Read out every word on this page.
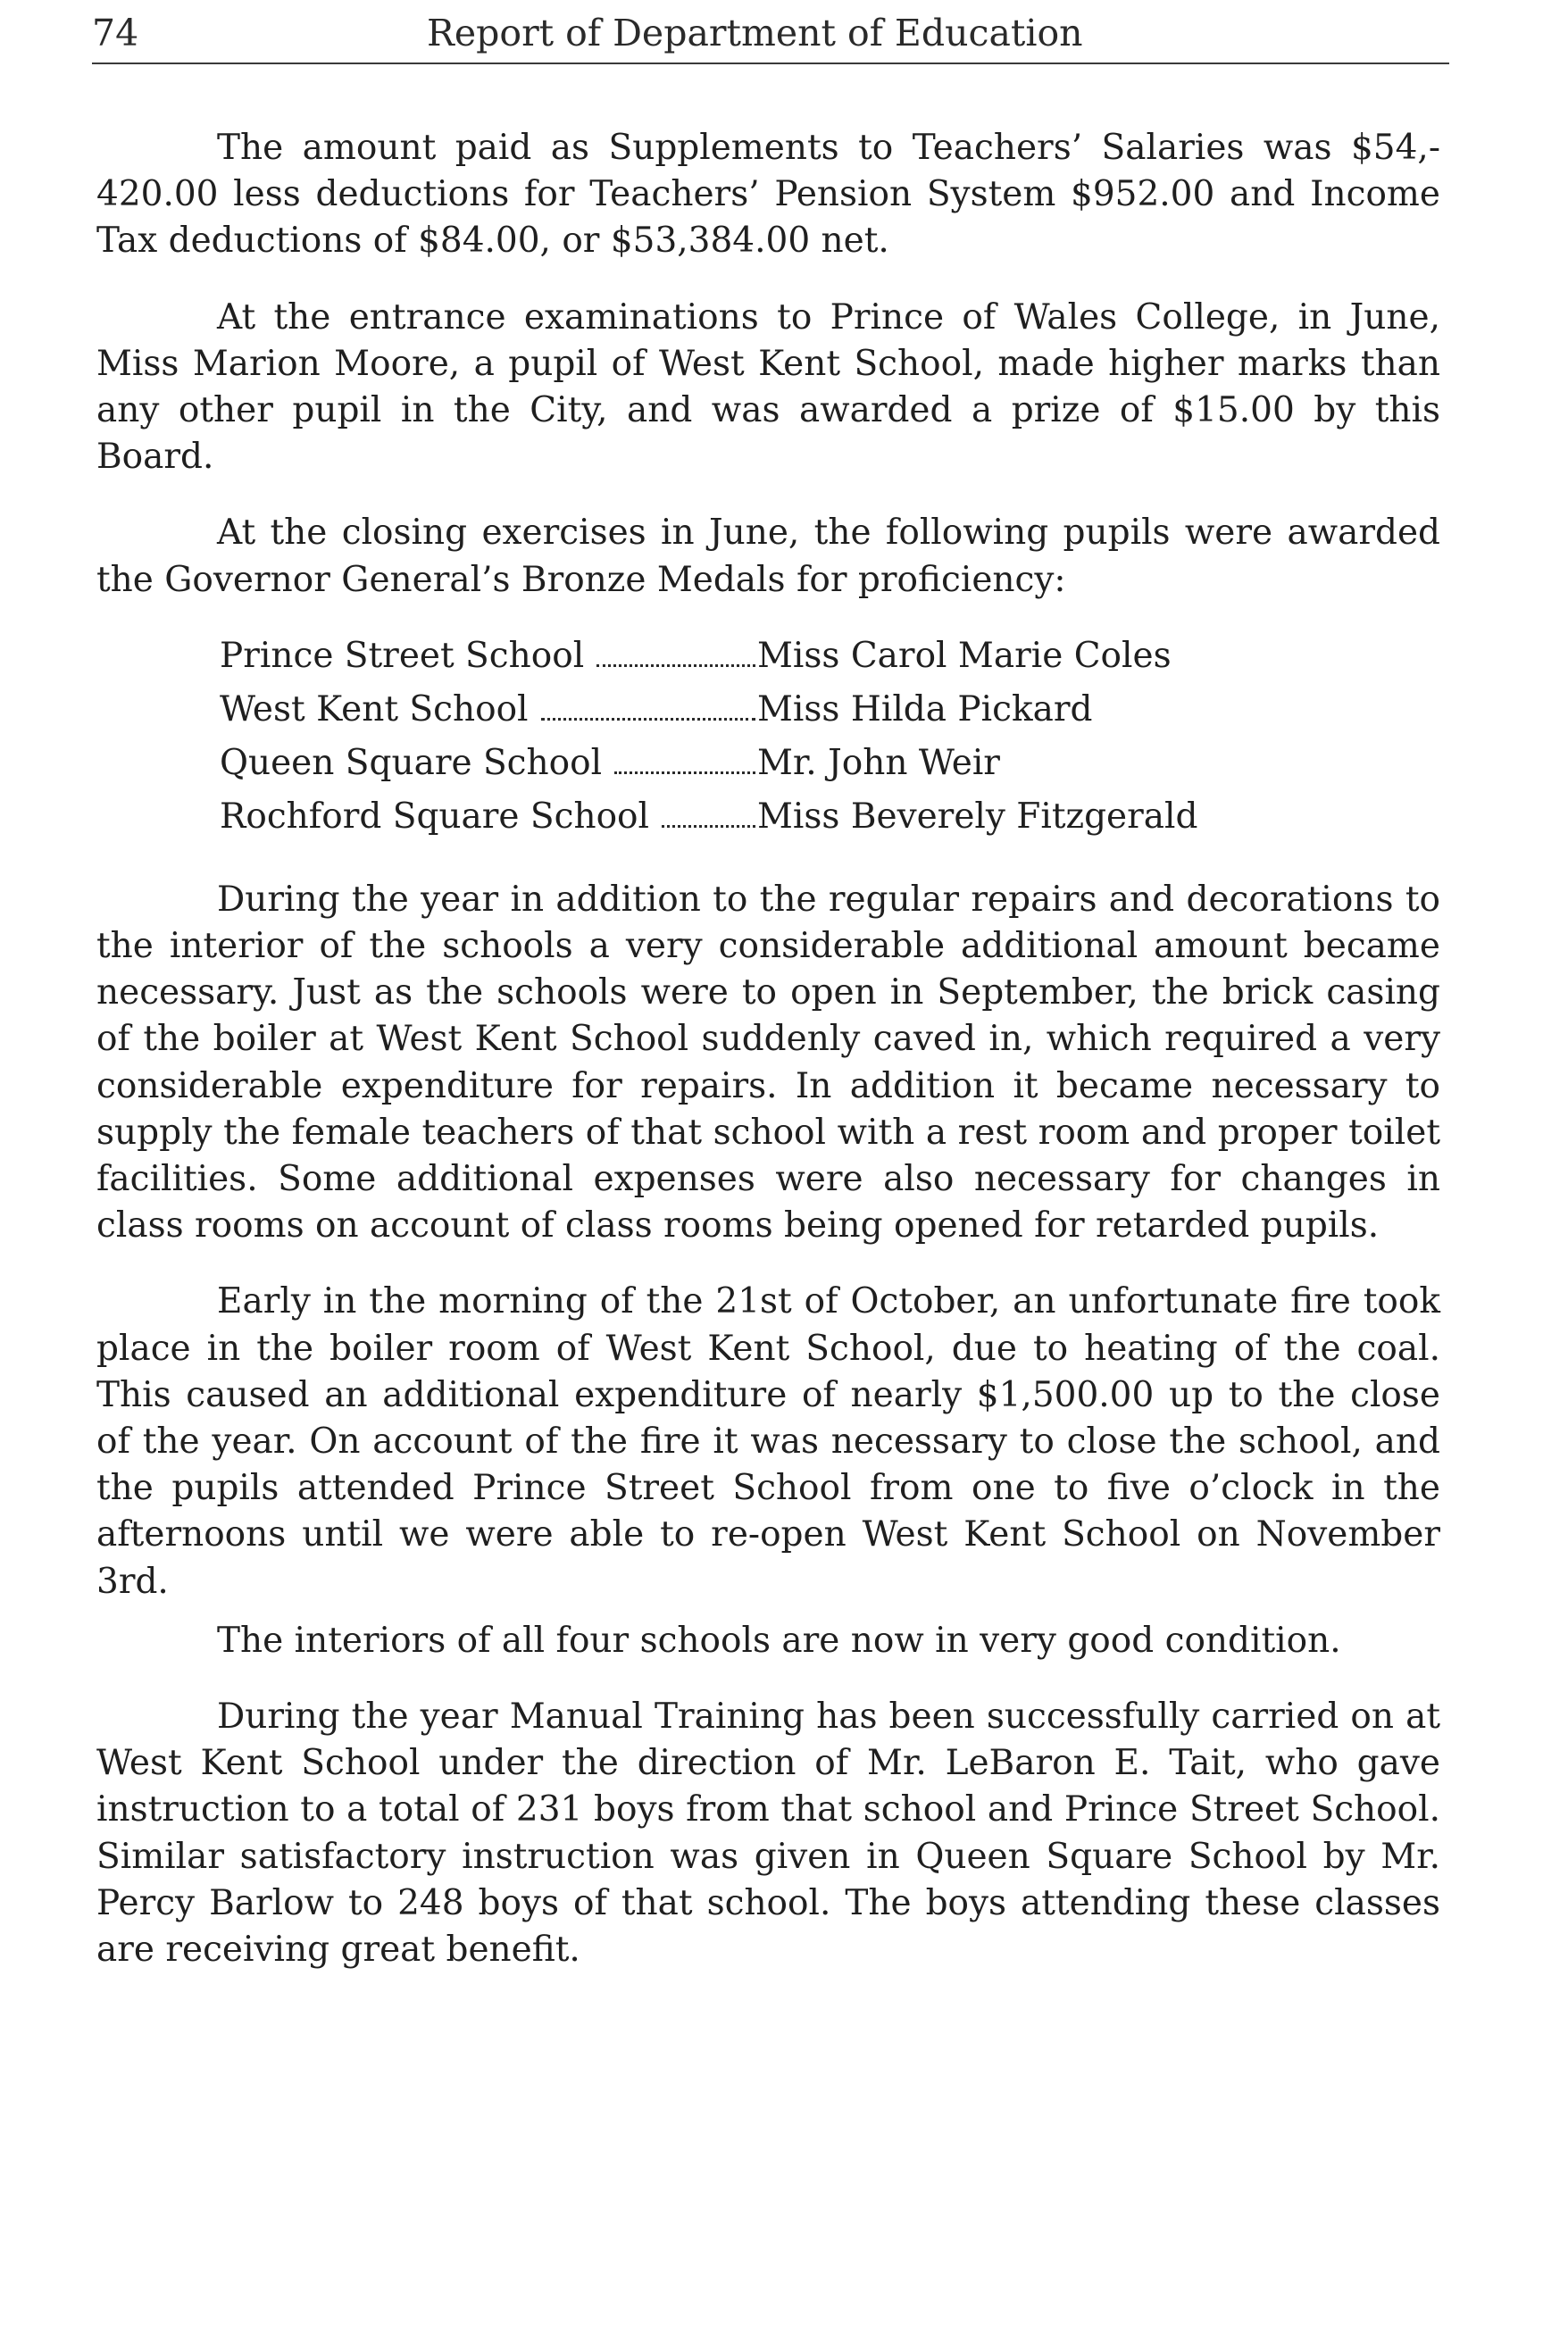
74	Report of Department of Education

The amount paid as Supplements to Teachers’ Salaries was $54,420.00 less deductions for Teachers’ Pension System $952.00 and Income Tax deductions of $84.00, or $53,384.00 net.

At the entrance examinations to Prince of Wales College, in June, Miss Marion Moore, a pupil of West Kent School, made higher marks than any other pupil in the City, and was awarded a prize of $15.00 by this Board.

At the closing exercises in June, the following pupils were awarded the Governor General’s Bronze Medals for proficiency:

Prince Street School	Miss Carol Marie Coles
West Kent School	Miss Hilda Pickard
Queen Square School	Mr. John Weir
Rochford Square School	Miss Beverely Fitzgerald

During the year in addition to the regular repairs and decorations to the interior of the schools a very considerable additional amount became necessary. Just as the schools were to open in September, the brick casing of the boiler at West Kent School suddenly caved in, which required a very considerable expenditure for repairs. In addition it became necessary to supply the female teachers of that school with a rest room and proper toilet facilities. Some additional expenses were also necessary for changes in class rooms on account of class rooms being opened for retarded pupils.

Early in the morning of the 21st of October, an unfortunate fire took place in the boiler room of West Kent School, due to heating of the coal. This caused an additional expenditure of nearly $1,500.00 up to the close of the year. On account of the fire it was necessary to close the school, and the pupils attended Prince Street School from one to five o’clock in the afternoons until we were able to re-open West Kent School on November 3rd.

The interiors of all four schools are now in very good condition.

During the year Manual Training has been successfully carried on at West Kent School under the direction of Mr. LeBaron E. Tait, who gave instruction to a total of 231 boys from that school and Prince Street School. Similar satisfactory instruction was given in Queen Square School by Mr. Percy Barlow to 248 boys of that school. The boys attending these classes are receiving great benefit.
